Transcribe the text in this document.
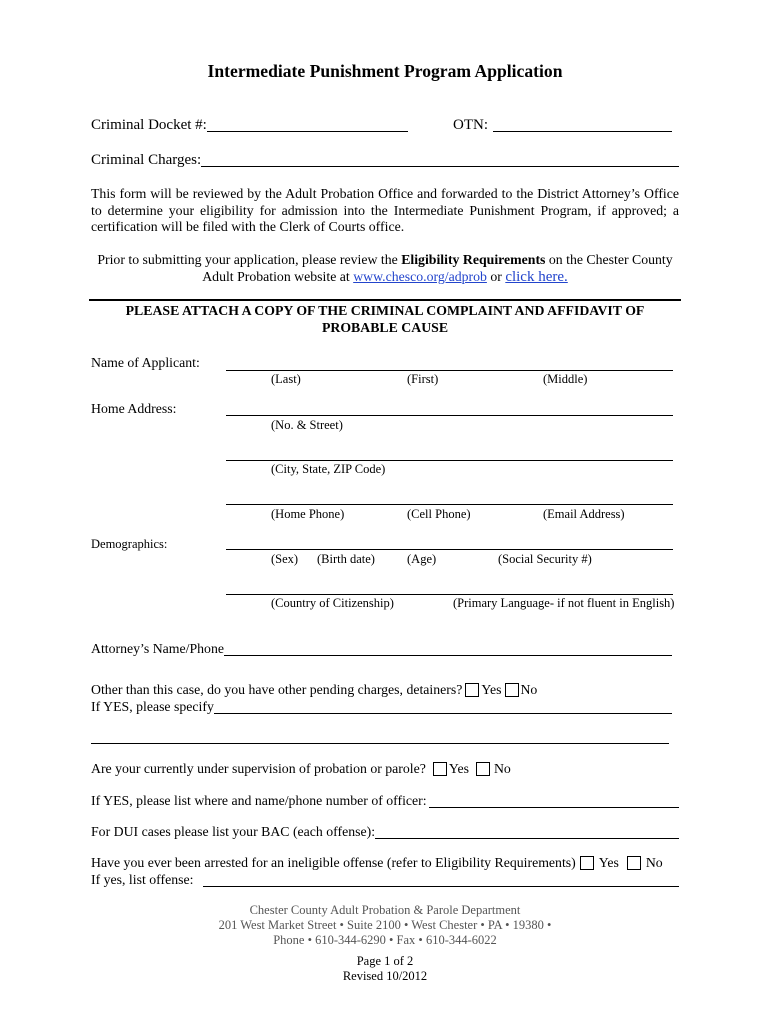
Intermediate Punishment Program Application
Criminal Docket #:	OTN:
Criminal Charges:
This form will be reviewed by the Adult Probation Office and forwarded to the District Attorney’s Office
to determine your eligibility for admission into the Intermediate Punishment Program, if approved; a
certification will be filed with the Clerk of Courts office.
Prior to submitting your application, please review the Eligibility Requirements on the Chester County Adult Probation website at www.chesco.org/adprob or click here.
PLEASE ATTACH A COPY OF THE CRIMINAL COMPLAINT AND AFFIDAVIT OF PROBABLE CAUSE
Name of Applicant:
(Last)	(First)	(Middle)
Home Address:
(No. & Street)
(City, State, ZIP Code)
(Home Phone)	(Cell Phone)	(Email Address)
Demographics:
(Sex) (Birth date)	(Age)	(Social Security #)
(Country of Citizenship)	(Primary Language- if not fluent in English)
Attorney’s Name/Phone
Other than this case, do you have other pending charges, detainers? Yes No
If YES, please specify
Are your currently under supervision of probation or parole? Yes No
If YES, please list where and name/phone number of officer:
For DUI cases please list your BAC (each offense):
Have you ever been arrested for an ineligible offense (refer to Eligibility Requirements) Yes No
If yes, list offense:
Chester County Adult Probation & Parole Department
201 West Market Street • Suite 2100 • West Chester • PA • 19380 •
Phone • 610-344-6290 • Fax • 610-344-6022
Page 1 of 2
Revised 10/2012
